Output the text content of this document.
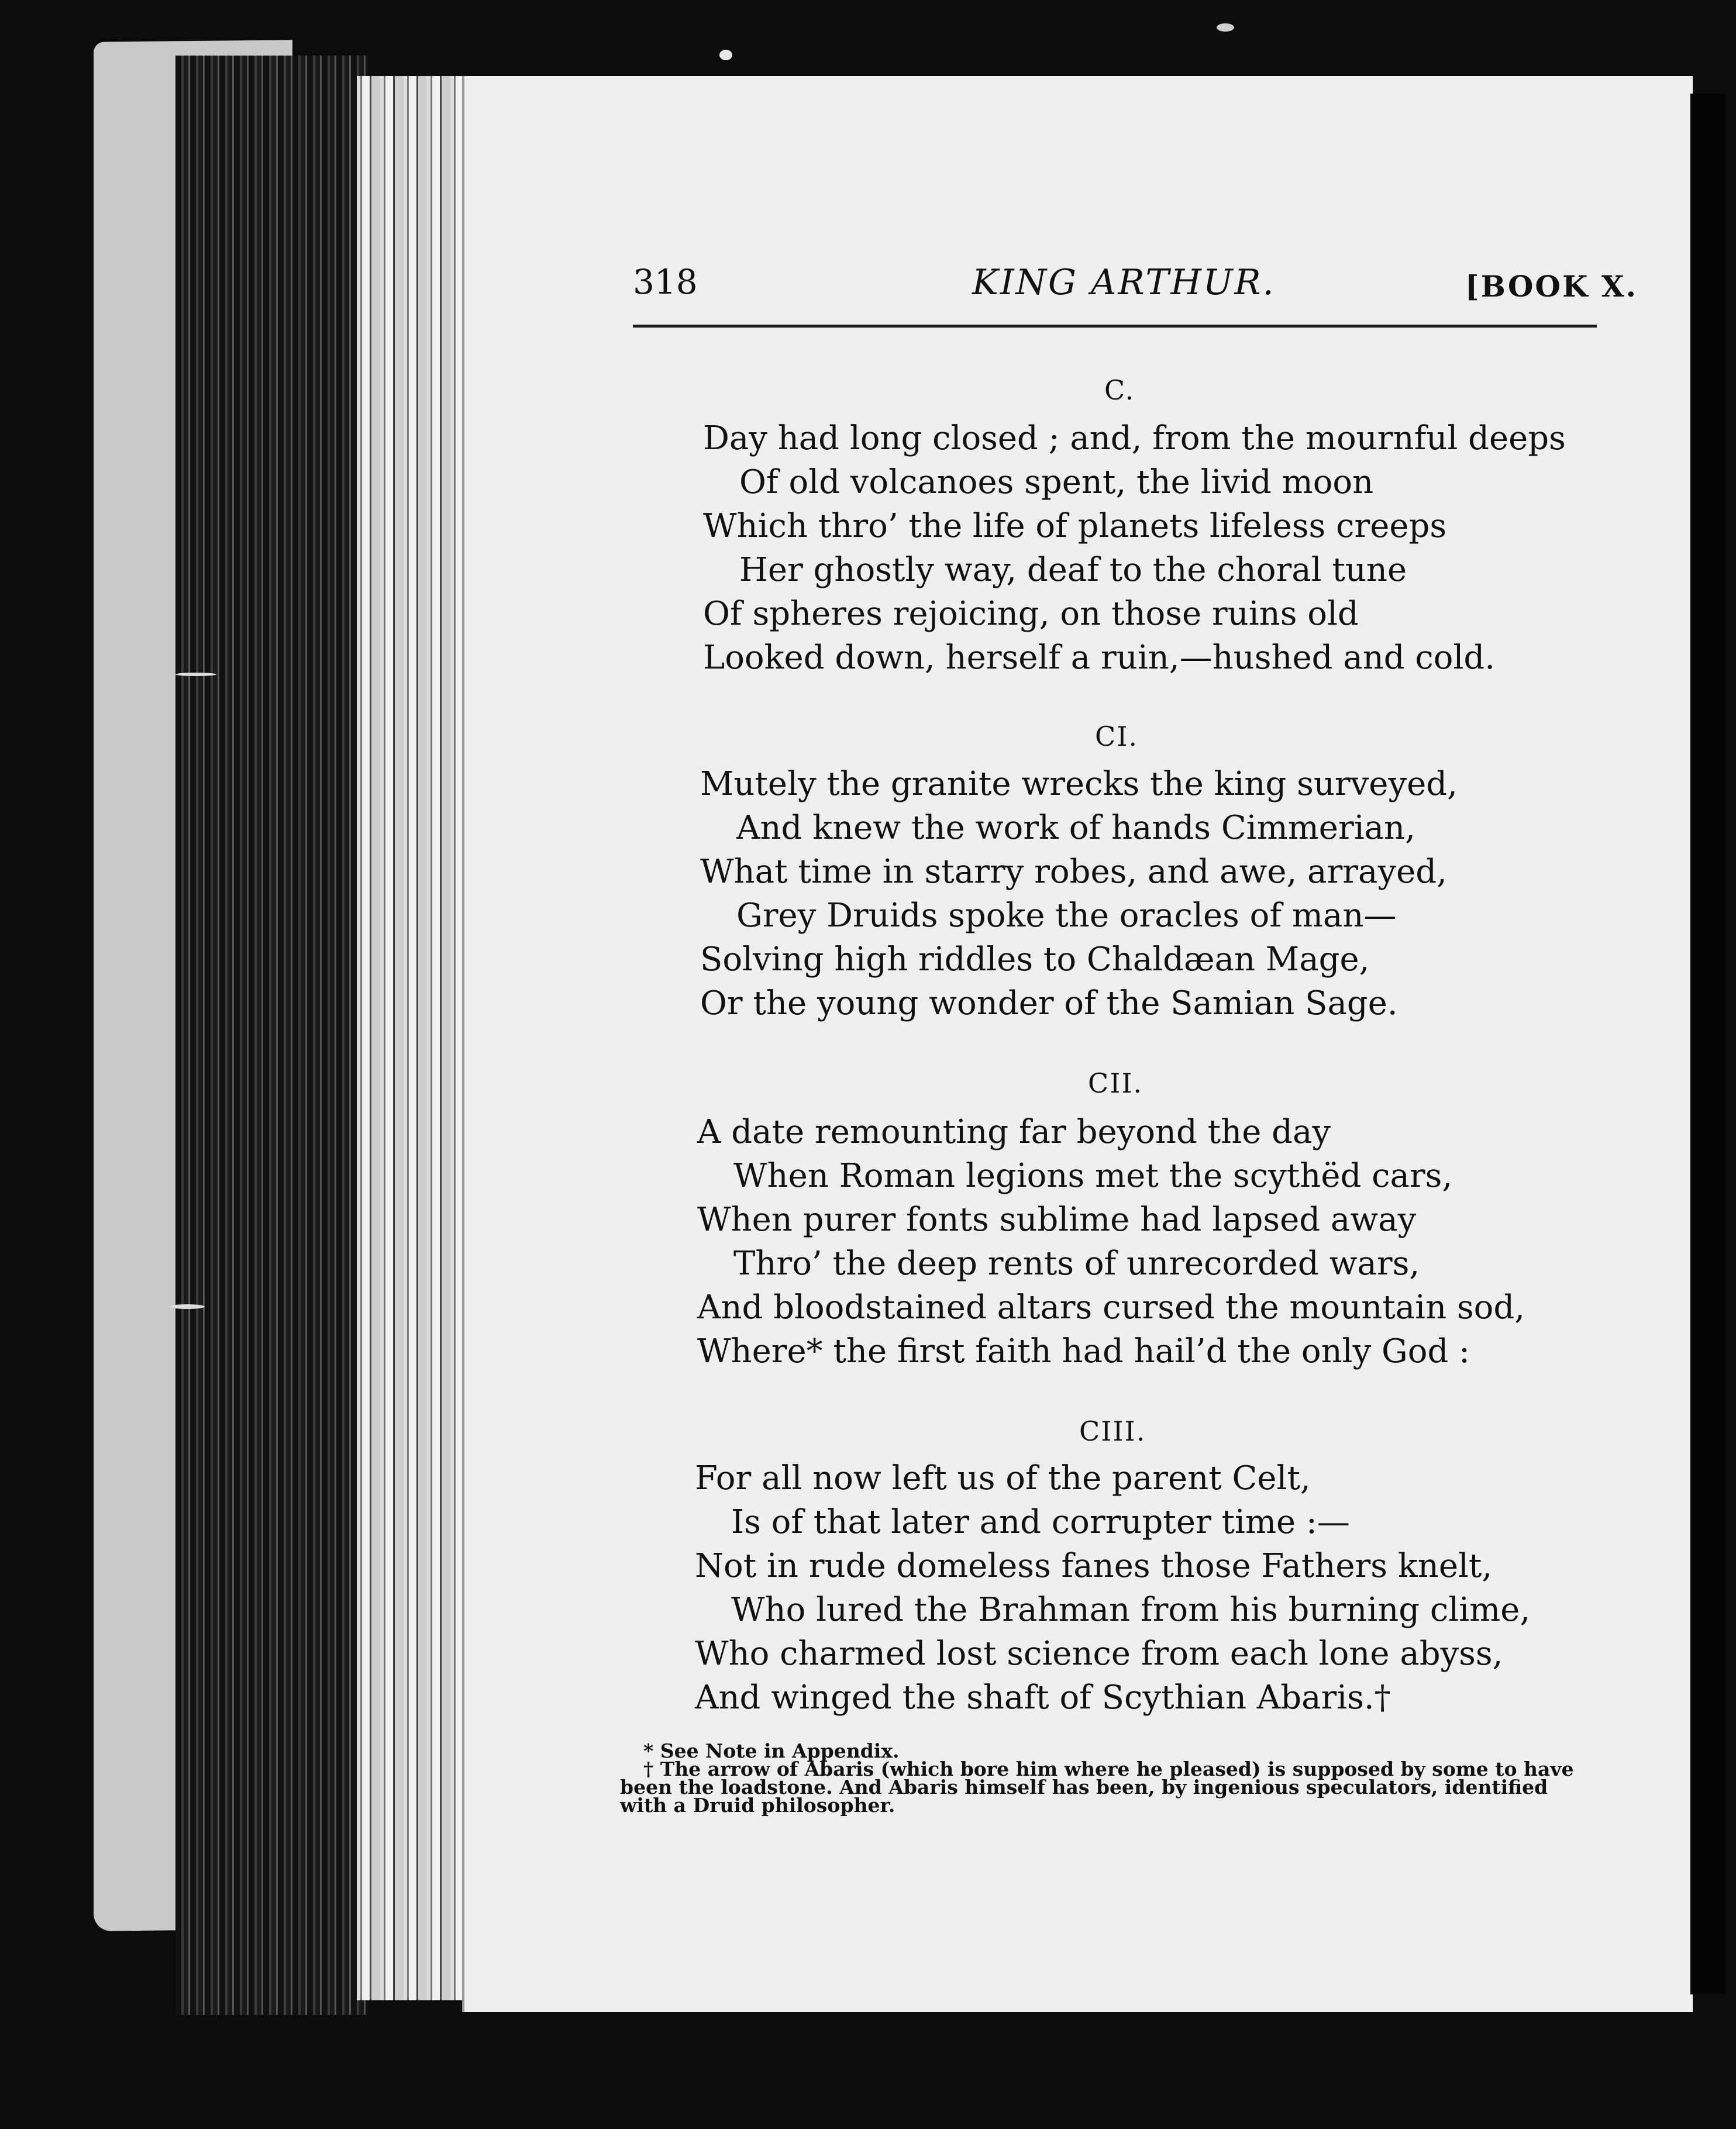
318	KING ARTHUR.	[BOOK X.
C.
Day had long closed ; and, from the mournful deeps
Of old volcanoes spent, the livid moon
Which thro’ the life of planets lifeless creeps
Her ghostly way, deaf to the choral tune
Of spheres rejoicing, on those ruins old
Looked down, herself a ruin,—hushed and cold.
CI.
Mutely the granite wrecks the king surveyed,
And knew the work of hands Cimmerian,
What time in starry robes, and awe, arrayed,
Grey Druids spoke the oracles of man—
Solving high riddles to Chaldæan Mage,
Or the young wonder of the Samian Sage.
CII.
A date remounting far beyond the day
When Roman legions met the scythëd cars,
When purer fonts sublime had lapsed away
Thro’ the deep rents of unrecorded wars,
And bloodstained altars cursed the mountain sod,
Where* the first faith had hail’d the only God :
CIII.
For all now left us of the parent Celt,
Is of that later and corrupter time :—
Not in rude domeless fanes those Fathers knelt,
Who lured the Brahman from his burning clime,
Who charmed lost science from each lone abyss,
And winged the shaft of Scythian Abaris.†
* See Note in Appendix.
† The arrow of Abaris (which bore him where he pleased) is supposed by some to have
been the loadstone. And Abaris himself has been, by ingenious speculators, identified
with a Druid philosopher.
